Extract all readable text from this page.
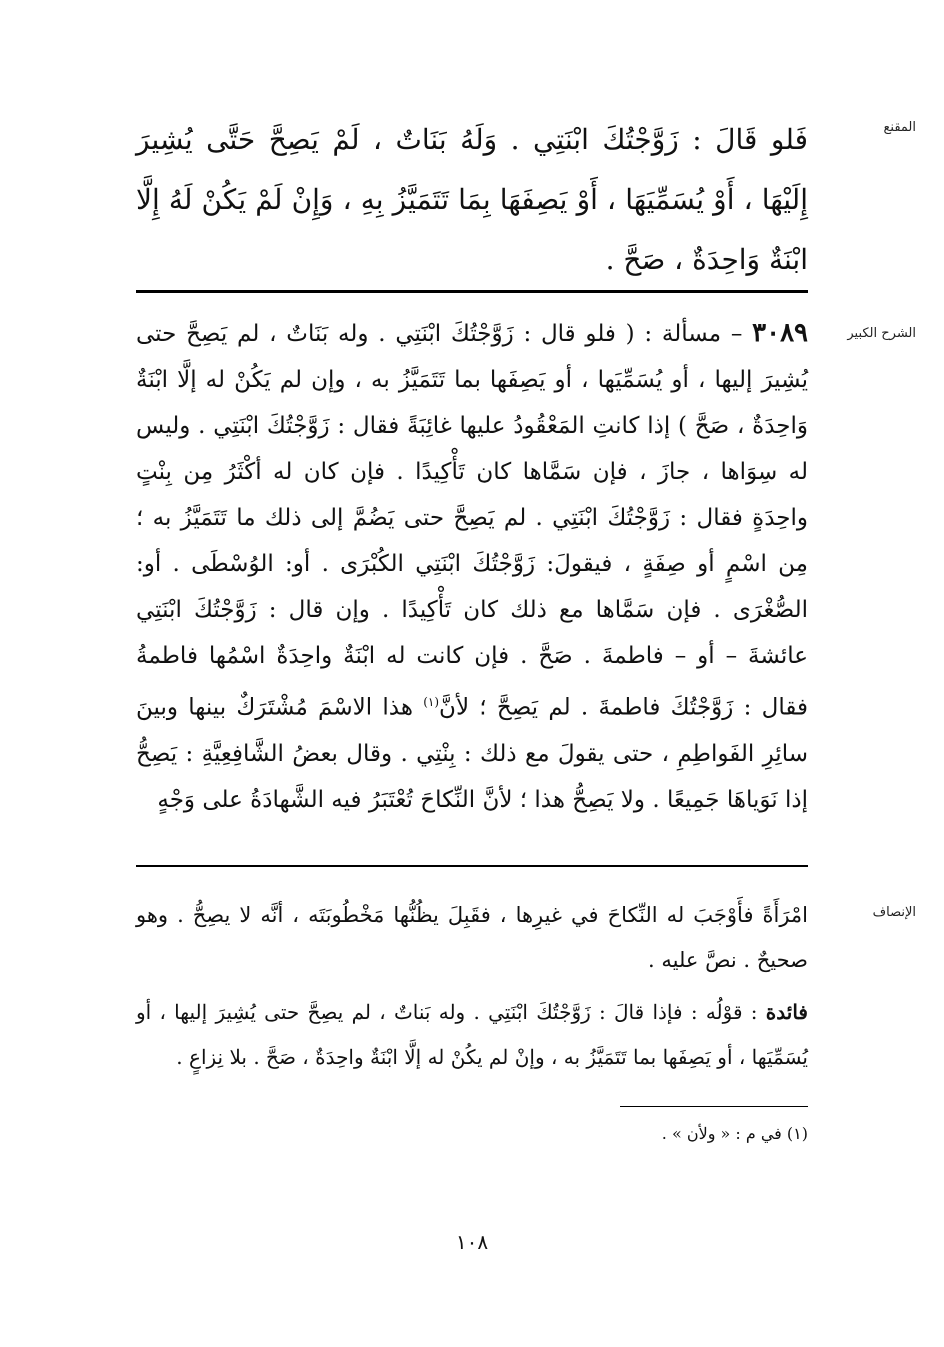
المقنع

فَلو قَالَ : زَوَّجْتُكَ ابْنَتِي . وَلَهُ بَنَاتٌ ، لَمْ يَصِحَّ حَتَّى يُشِيرَ إِلَيْهَا ، أَوْ يُسَمِّيَهَا ، أَوْ يَصِفَهَا بِمَا تَتَمَيَّزُ بِهِ ، وَإِنْ لَمْ يَكُنْ لَهُ إِلَّا ابْنَةٌ وَاحِدَةٌ ، صَحَّ .

الشرح الكبير

٣٠٨٩ – مسألة : ( فلو قال : زَوَّجْتُكَ ابْنَتِي . وله بَنَاتٌ ، لم يَصِحَّ حتى يُشِيرَ إليها ، أو يُسَمِّيَها ، أو يَصِفَها بما تَتَمَيَّزُ به ، وإن لم يَكُنْ له إلَّا ابْنَةٌ وَاحِدَةٌ ، صَحَّ ) إذا كانتِ المَعْقُودُ عليها غائِبَةً فقال : زَوَّجْتُكَ ابْنَتِي . وليس له سِوَاها ، جازَ ، فإن سَمَّاها كان تَأْكِيدًا . فإن كان له أكْثَرُ مِن بِنْتٍ واحِدَةٍ فقال : زَوَّجْتُكَ ابْنَتِي . لم يَصِحَّ حتى يَضُمَّ إلى ذلك ما تَتَمَيَّزُ به ؛ مِن اسْمٍ أو صِفَةٍ ، فيقولَ: زَوَّجْتُكَ ابْنَتِي الكُبْرَى . أو: الوُسْطَى . أو: الصُّغْرَى . فإن سَمَّاها مع ذلك كان تَأْكِيدًا . وإن قال : زَوَّجْتُكَ ابْنَتِي عائشةَ – أو – فاطمةَ . صَحَّ . فإن كانت له ابْنَةٌ واحِدَةٌ اسْمُها فاطمةُ فقال : زَوَّجْتُكَ فاطمةَ . لم يَصِحَّ ؛ لأنَّ$^{(١)}$ هذا الاسْمَ مُشْتَرَكٌ بينها وبينَ سائِرِ الفَواطِمِ ، حتى يقولَ مع ذلك : بِنْتِي . وقال بعضُ الشَّافِعِيَّةِ : يَصِحُّ إذا نَوَياهَا جَمِيعًا . ولا يَصِحُّ هذا ؛ لأنَّ النِّكاحَ تُعْتَبَرُ فيه الشَّهادَةُ على وَجْهٍ

الإنصاف

امْرَأَةً فأَوْجَبَ له النِّكاحَ في غيرِها ، فقَبِلَ يظُنُّها مَخْطُوبَتَه ، أنَّه لا يصِحُّ . وهو صحيحٌ . نصَّ عليه .

فائدة : قوْلُه : فإذا قالَ : زَوَّجْتُكَ ابْنَتِي . وله بَناتٌ ، لم يصِحَّ حتى يُشِيرَ إليها ، أو يُسَمِّيَها ، أو يَصِفَها بما تَتَمَيَّزُ به ، وإنْ لم يكُنْ له إلَّا ابْنَةٌ واحِدَةٌ ، صَحَّ . بلا نِزاعٍ .

(١) في م : « ولأن » .
١٠٨
